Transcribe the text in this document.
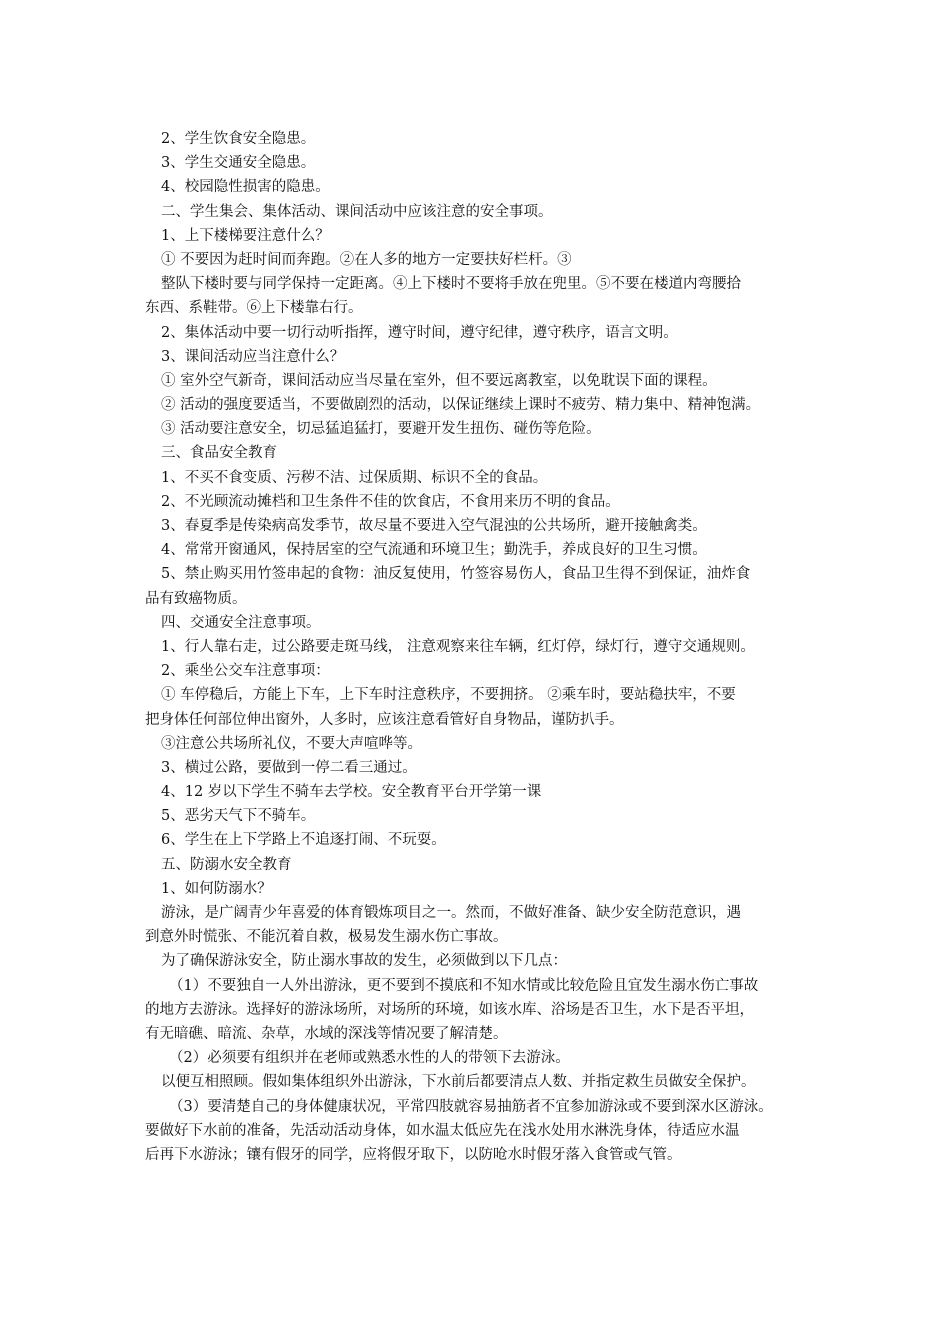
2、学生饮食安全隐患。
3、学生交通安全隐患。
4、校园隐性损害的隐患。
二、学生集会、集体活动、课间活动中应该注意的安全事项。
1、上下楼梯要注意什么？
① 不要因为赶时间而奔跑。②在人多的地方一定要扶好栏杆。③
整队下楼时要与同学保持一定距离。④上下楼时不要将手放在兜里。⑤不要在楼道内弯腰拾
东西、系鞋带。⑥上下楼靠右行。
2、集体活动中要一切行动听指挥，遵守时间，遵守纪律，遵守秩序，语言文明。
3、课间活动应当注意什么？
① 室外空气新奇，课间活动应当尽量在室外，但不要远离教室，以免耽误下面的课程。
② 活动的强度要适当，不要做剧烈的活动，以保证继续上课时不疲劳、精力集中、精神饱满。
③ 活动要注意安全，切忌猛追猛打，要避开发生扭伤、碰伤等危险。
三、食品安全教育
1、不买不食变质、污秽不洁、过保质期、标识不全的食品。
2、不光顾流动摊档和卫生条件不佳的饮食店，不食用来历不明的食品。
3、春夏季是传染病高发季节，故尽量不要进入空气混浊的公共场所，避开接触禽类。
4、常常开窗通风，保持居室的空气流通和环境卫生；勤洗手，养成良好的卫生习惯。
5、禁止购买用竹签串起的食物：油反复使用，竹签容易伤人，食品卫生得不到保证，油炸食
品有致癌物质。
四、交通安全注意事项。
1、行人靠右走，过公路要走斑马线， 注意观察来往车辆，红灯停，绿灯行，遵守交通规则。
2、乘坐公交车注意事项：
① 车停稳后，方能上下车，上下车时注意秩序，不要拥挤。 ②乘车时，要站稳扶牢，不要
把身体任何部位伸出窗外，人多时，应该注意看管好自身物品，谨防扒手。
③注意公共场所礼仪，不要大声喧哗等。
3、横过公路，要做到一停二看三通过。
4、12 岁以下学生不骑车去学校。安全教育平台开学第一课
5、恶劣天气下不骑车。
6、学生在上下学路上不追逐打闹、不玩耍。
五、防溺水安全教育
1、如何防溺水？
游泳，是广阔青少年喜爱的体育锻炼项目之一。然而，不做好准备、缺少安全防范意识，遇
到意外时慌张、不能沉着自救，极易发生溺水伤亡事故。
为了确保游泳安全，防止溺水事故的发生，必须做到以下几点：
（1）不要独自一人外出游泳，更不要到不摸底和不知水情或比较危险且宜发生溺水伤亡事故
的地方去游泳。选择好的游泳场所，对场所的环境，如该水库、浴场是否卫生，水下是否平坦，
有无暗礁、暗流、杂草，水域的深浅等情况要了解清楚。
（2）必须要有组织并在老师或熟悉水性的人的带领下去游泳。
以便互相照顾。假如集体组织外出游泳，下水前后都要清点人数、并指定救生员做安全保护。
（3）要清楚自己的身体健康状况，平常四肢就容易抽筋者不宜参加游泳或不要到深水区游泳。
要做好下水前的准备，先活动活动身体，如水温太低应先在浅水处用水淋洗身体，待适应水温
后再下水游泳；镶有假牙的同学，应将假牙取下，以防呛水时假牙落入食管或气管。
